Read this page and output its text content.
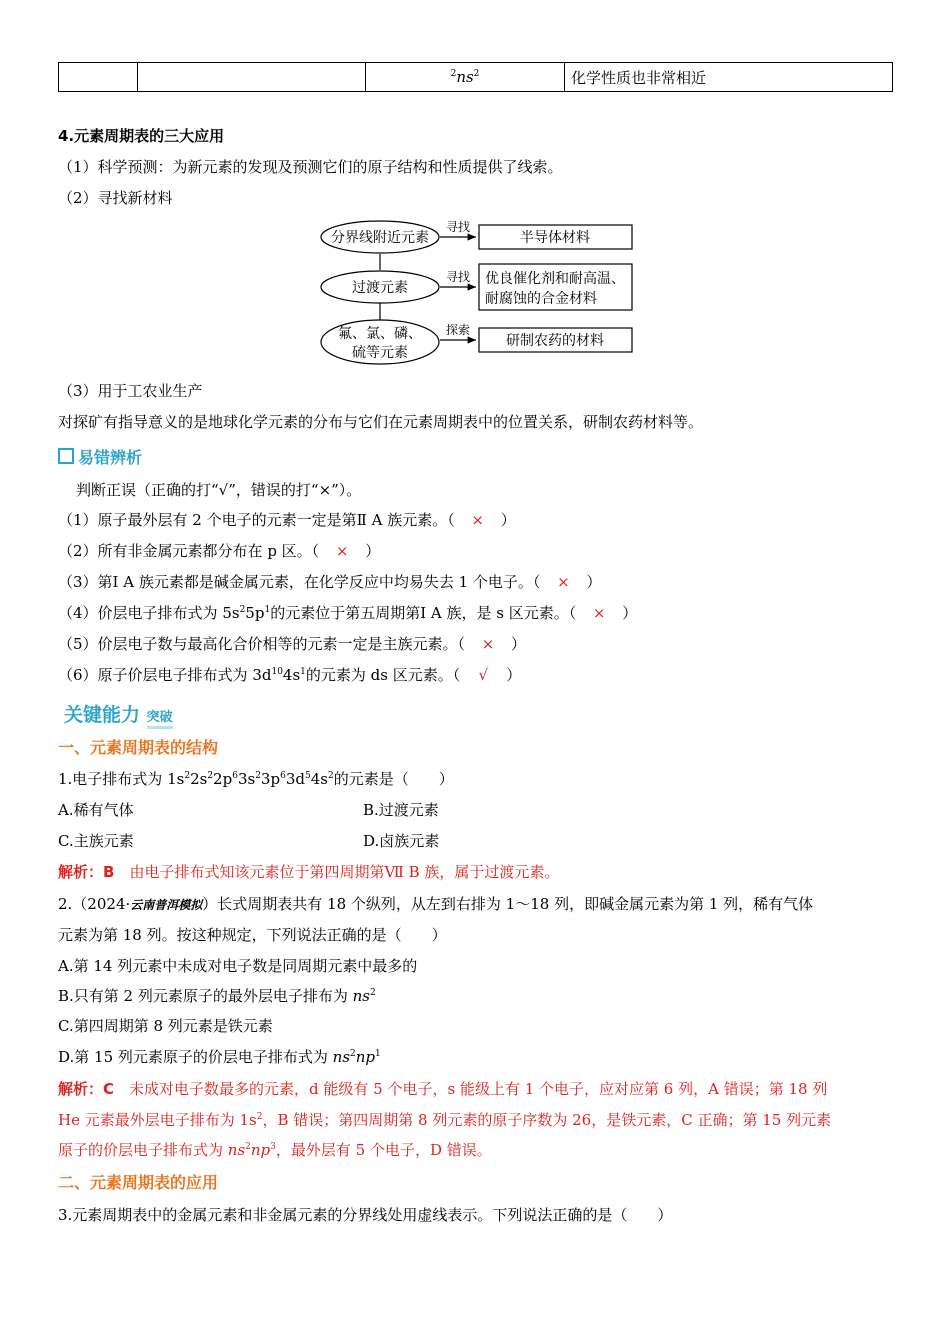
		$^2ns^2$	化学性质也非常相近
4.元素周期表的三大应用
（1）科学预测：为新元素的发现及预测它们的原子结构和性质提供了线索。
（2）寻找新材料
分界线附近元素
过渡元素
氟、氯、磷、
硫等元素
寻找
寻找
探索
半导体材料
优良催化剂和耐高温、
耐腐蚀的合金材料
研制农药的材料
（3）用于工农业生产
对探矿有指导意义的是地球化学元素的分布与它们在元素周期表中的位置关系，研制农药材料等。
易错辨析
判断正误（正确的打“√”，错误的打“×”）。
（1）原子最外层有 2 个电子的元素一定是第Ⅱ A 族元素。（ × ）
（2）所有非金属元素都分布在 p 区。（ × ）
（3）第Ⅰ A 族元素都是碱金属元素，在化学反应中均易失去 1 个电子。（ × ）
（4）价层电子排布式为 $5s^25p^1$的元素位于第五周期第Ⅰ A 族，是 s 区元素。（ × ）
（5）价层电子数与最高化合价相等的元素一定是主族元素。（ × ）
（6）原子价层电子排布式为 $3d^{10}4s^1$的元素为 ds 区元素。（ √ ）
关键能力 突破
一、元素周期表的结构
1.电子排布式为 $1s^22s^22p^63s^23p^63d^54s^2$的元素是（　　）
A.稀有气体	B.过渡元素
C.主族元素	D.卤族元素
解析：B　 由电子排布式知该元素位于第四周期第Ⅶ B 族，属于过渡元素。
2.（2024·云南普洱模拟）长式周期表共有 18 个纵列，从左到右排为 1～18 列，即碱金属元素为第 1 列，稀有气体
元素为第 18 列。按这种规定，下列说法正确的是（　　）
A.第 14 列元素中未成对电子数是同周期元素中最多的
B.只有第 2 列元素原子的最外层电子排布为 $ns^2$
C.第四周期第 8 列元素是铁元素
D.第 15 列元素原子的价层电子排布式为 $ns^2np^1$
解析：C　 未成对电子数最多的元素，d 能级有 5 个电子，s 能级上有 1 个电子，应对应第 6 列，A 错误；第 18 列
He 元素最外层电子排布为 $1s^2$，B 错误；第四周期第 8 列元素的原子序数为 26，是铁元素，C 正确；第 15 列元素
原子的价层电子排布式为 $ns^2np^3$，最外层有 5 个电子，D 错误。
二、元素周期表的应用
3.元素周期表中的金属元素和非金属元素的分界线处用虚线表示。下列说法正确的是（　　）
